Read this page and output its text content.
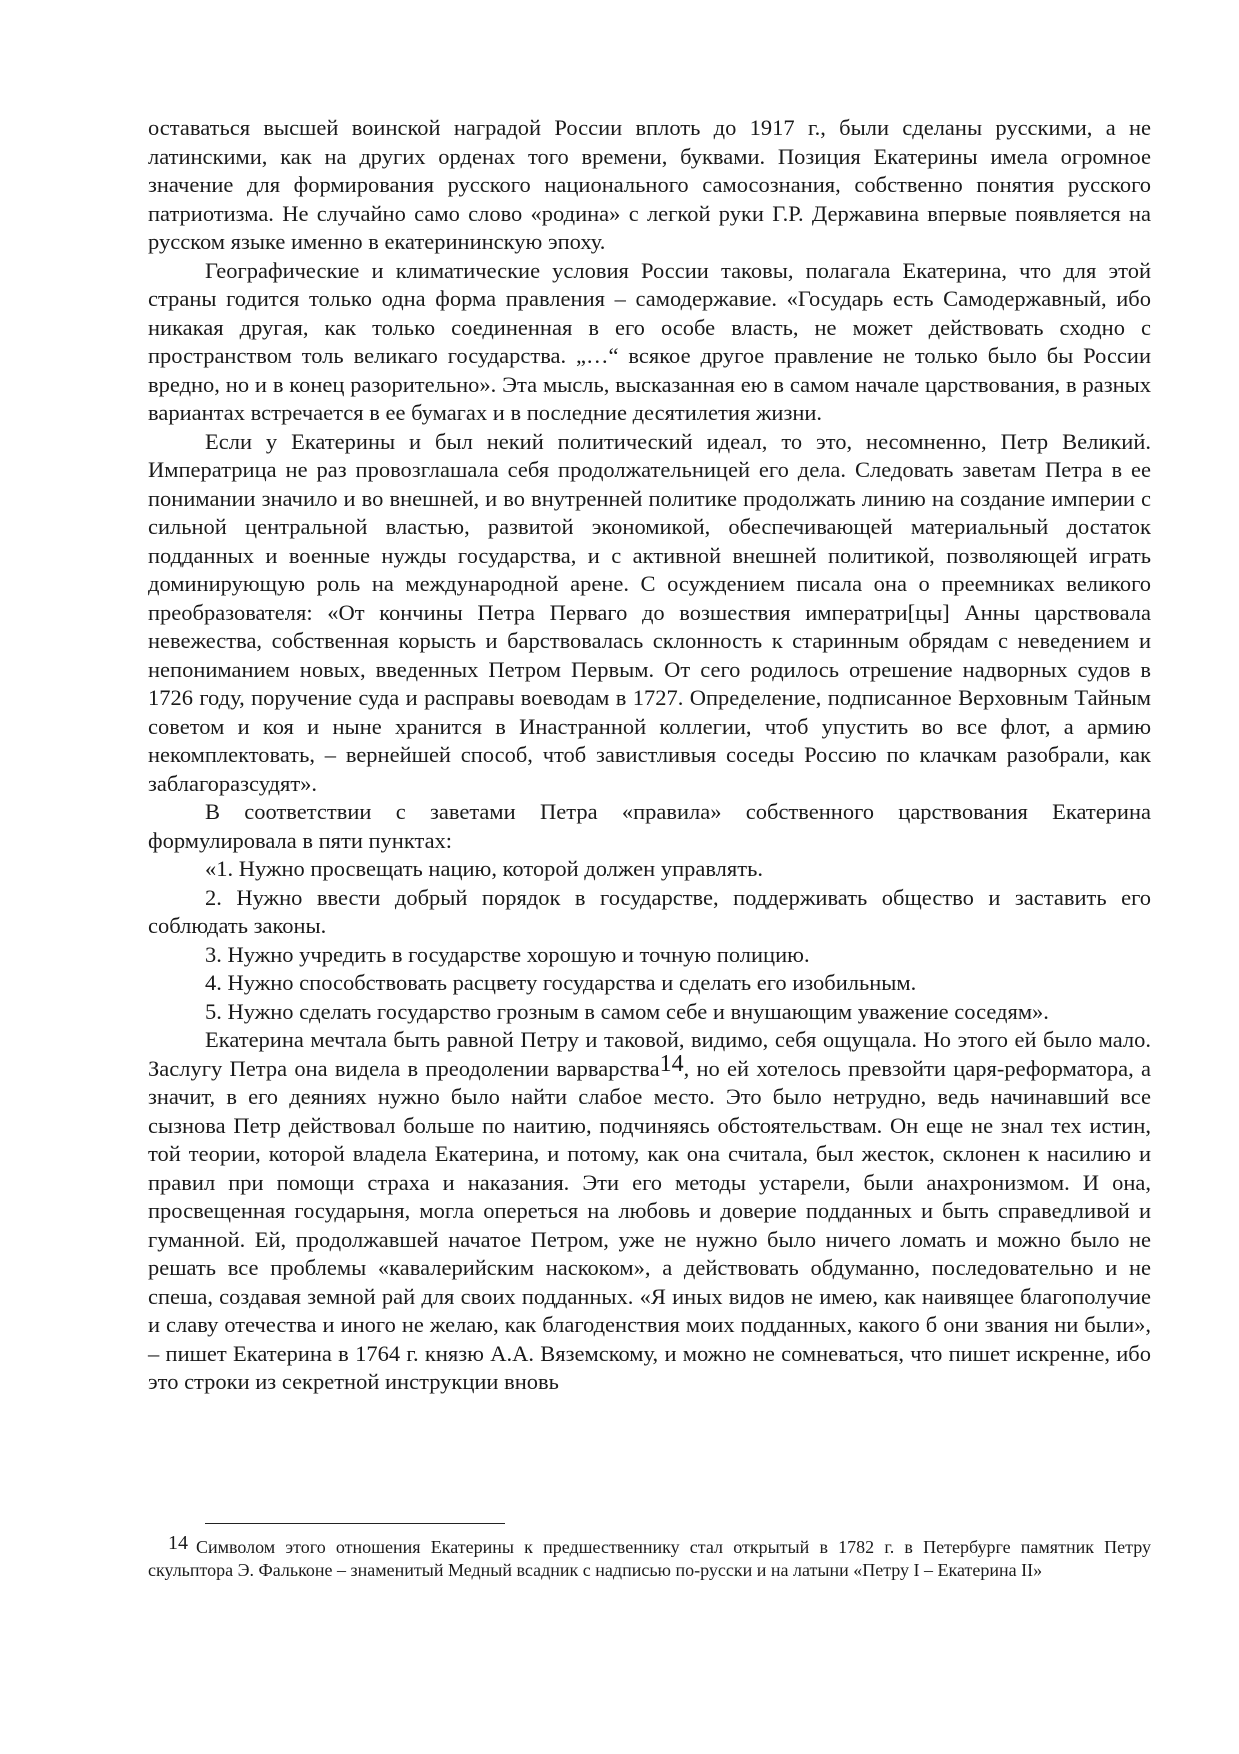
оставаться высшей воинской наградой России вплоть до 1917 г., были сделаны русскими, а не латинскими, как на других орденах того времени, буквами. Позиция Екатерины имела огромное значение для формирования русского национального самосознания, собственно понятия русского патриотизма. Не случайно само слово «родина» с легкой руки Г.Р. Державина впервые появляется на русском языке именно в екатерининскую эпоху.

Географические и климатические условия России таковы, полагала Екатерина, что для этой страны годится только одна форма правления – самодержавие. «Государь есть Самодержавный, ибо никакая другая, как только соединенная в его особе власть, не может действовать сходно с пространством толь великаго государства. „…“ всякое другое правление не только было бы России вредно, но и в конец разорительно». Эта мысль, высказанная ею в самом начале царствования, в разных вариантах встречается в ее бумагах и в последние десятилетия жизни.

Если у Екатерины и был некий политический идеал, то это, несомненно, Петр Великий. Императрица не раз провозглашала себя продолжательницей его дела. Следовать заветам Петра в ее понимании значило и во внешней, и во внутренней политике продолжать линию на создание империи с сильной центральной властью, развитой экономикой, обеспечивающей материальный достаток подданных и военные нужды государства, и с активной внешней политикой, позволяющей играть доминирующую роль на международной арене. С осуждением писала она о преемниках великого преобразователя: «От кончины Петра Перваго до возшествия императри[цы] Анны царствовала невежества, собственная корысть и барствовалась склонность к старинным обрядам с неведением и непониманием новых, введенных Петром Первым. От сего родилось отрешение надворных судов в 1726 году, поручение суда и расправы воеводам в 1727. Определение, подписанное Верховным Тайным советом и коя и ныне хранится в Инастранной коллегии, чтоб упустить во все флот, а армию некомплектовать, – вернейшей способ, чтоб завистливыя соседы Россию по клачкам разобрали, как заблагоразсудят».

В соответствии с заветами Петра «правила» собственного царствования Екатерина формулировала в пяти пунктах:

«1. Нужно просвещать нацию, которой должен управлять.

2. Нужно ввести добрый порядок в государстве, поддерживать общество и заставить его соблюдать законы.

3. Нужно учредить в государстве хорошую и точную полицию.

4. Нужно способствовать расцвету государства и сделать его изобильным.

5. Нужно сделать государство грозным в самом себе и внушающим уважение соседям».

Екатерина мечтала быть равной Петру и таковой, видимо, себя ощущала. Но этого ей было мало. Заслугу Петра она видела в преодолении варварства14, но ей хотелось превзойти царя-реформатора, а значит, в его деяниях нужно было найти слабое место. Это было нетрудно, ведь начинавший все сызнова Петр действовал больше по наитию, подчиняясь обстоятельствам. Он еще не знал тех истин, той теории, которой владела Екатерина, и потому, как она считала, был жесток, склонен к насилию и правил при помощи страха и наказания. Эти его методы устарели, были анахронизмом. И она, просвещенная государыня, могла опереться на любовь и доверие подданных и быть справедливой и гуманной. Ей, продолжавшей начатое Петром, уже не нужно было ничего ломать и можно было не решать все проблемы «кавалерийским наскоком», а действовать обдуманно, последовательно и не спеша, создавая земной рай для своих подданных. «Я иных видов не имею, как наивящее благополучие и славу отечества и иного не желаю, как благоденствия моих подданных, какого б они звания ни были», – пишет Екатерина в 1764 г. князю А.А. Вяземскому, и можно не сомневаться, что пишет искренне, ибо это строки из секретной инструкции вновь

14 Символом этого отношения Екатерины к предшественнику стал открытый в 1782 г. в Петербурге памятник Петру скульптора Э. Фальконе – знаменитый Медный всадник с надписью по-русски и на латыни «Петру I – Екатерина II»
